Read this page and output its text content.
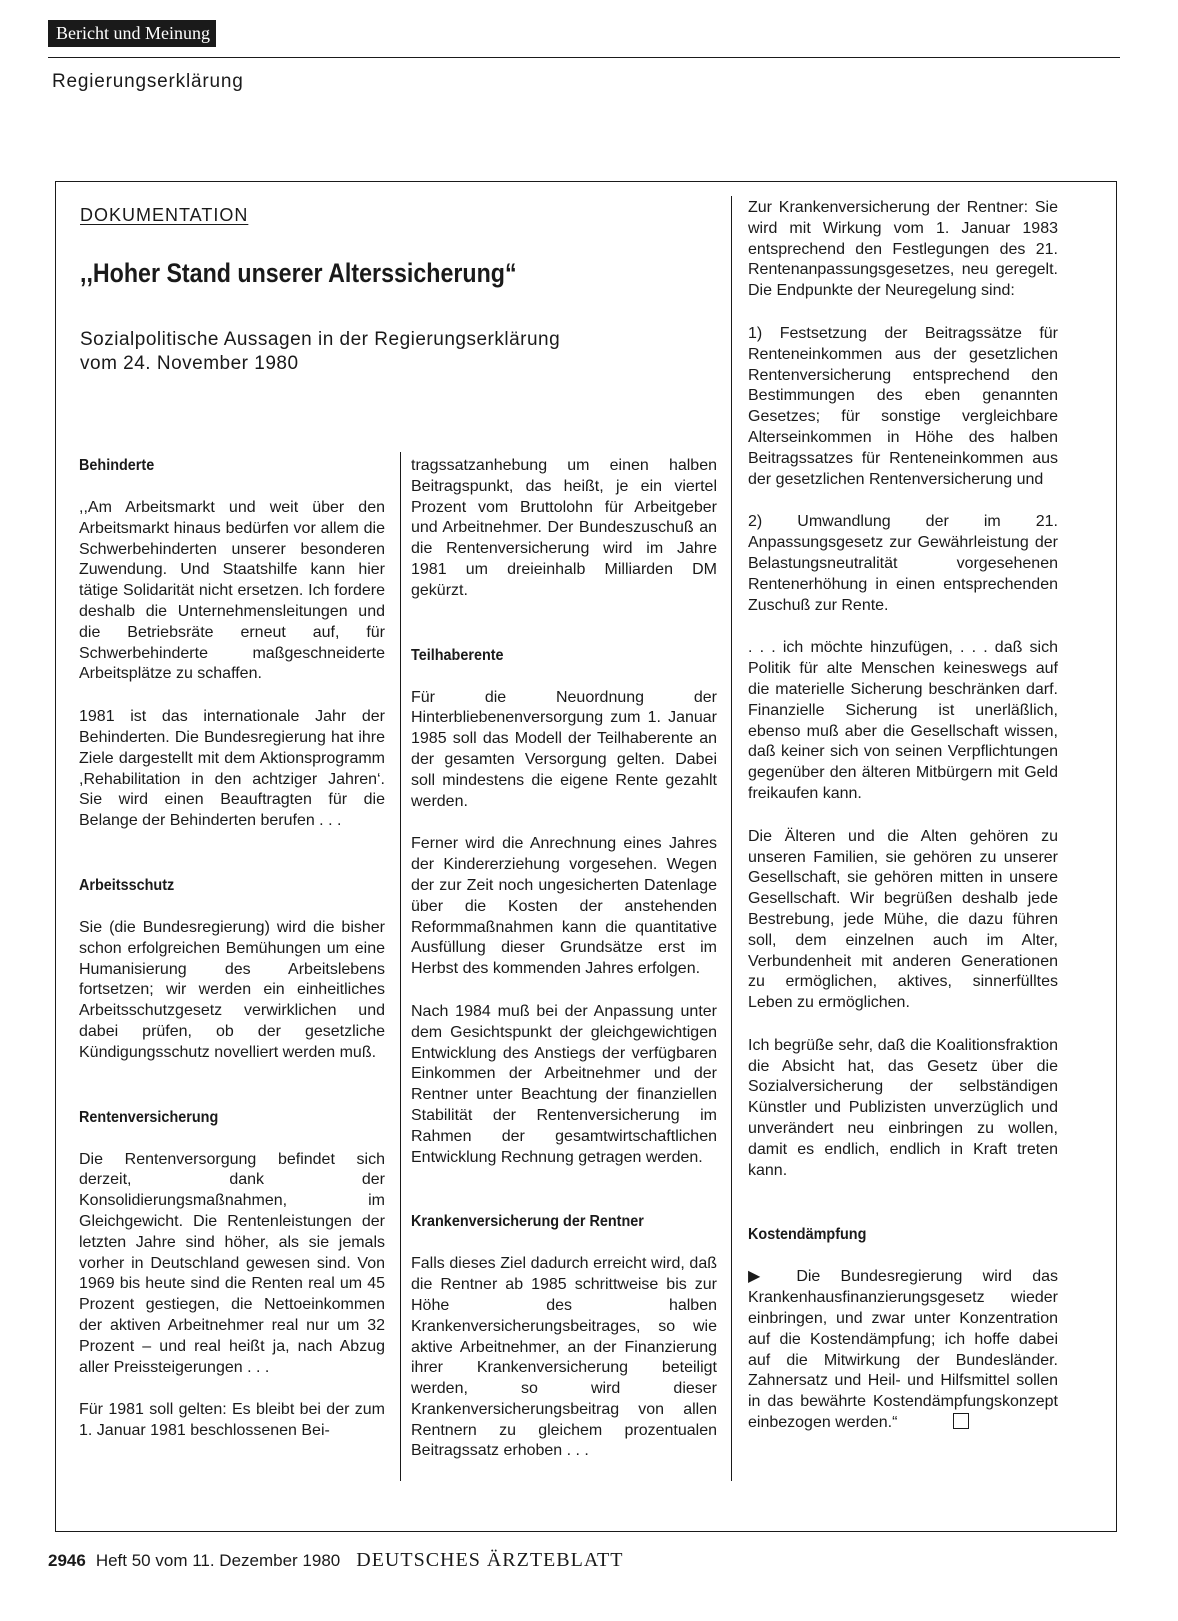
Bericht und Meinung
Regierungserklärung
DOKUMENTATION
,,Hoher Stand unserer Alterssicherung“
Sozialpolitische Aussagen in der Regierungserklärung
vom 24. November 1980
Behinderte

,,Am Arbeitsmarkt und weit über den Arbeitsmarkt hinaus bedürfen vor allem die Schwerbehinderten unserer besonderen Zuwendung. Und Staatshilfe kann hier tätige Solidarität nicht ersetzen. Ich fordere deshalb die Unternehmensleitungen und die Betriebsräte erneut auf, für Schwerbehinderte maßgeschneiderte Arbeitsplätze zu schaffen.

1981 ist das internationale Jahr der Behinderten. Die Bundesregierung hat ihre Ziele dargestellt mit dem Aktionsprogramm ,Rehabilitation in den achtziger Jahren‘. Sie wird einen Beauftragten für die Belange der Behinderten berufen . . .

Arbeitsschutz

Sie (die Bundesregierung) wird die bisher schon erfolgreichen Bemühungen um eine Humanisierung des Arbeitslebens fortsetzen; wir werden ein einheitliches Arbeitsschutzgesetz verwirklichen und dabei prüfen, ob der gesetzliche Kündigungsschutz novelliert werden muß.

Rentenversicherung

Die Rentenversorgung befindet sich derzeit, dank der Konsolidierungsmaßnahmen, im Gleichgewicht. Die Rentenleistungen der letzten Jahre sind höher, als sie jemals vorher in Deutschland gewesen sind. Von 1969 bis heute sind die Renten real um 45 Prozent gestiegen, die Nettoeinkommen der aktiven Arbeitnehmer real nur um 32 Prozent – und real heißt ja, nach Abzug aller Preissteigerungen . . .

Für 1981 soll gelten: Es bleibt bei der zum 1. Januar 1981 beschlossenen Bei-

tragssatzanhebung um einen halben Beitragspunkt, das heißt, je ein viertel Prozent vom Bruttolohn für Arbeitgeber und Arbeitnehmer. Der Bundeszuschuß an die Rentenversicherung wird im Jahre 1981 um dreieinhalb Milliarden DM gekürzt.

Teilhaberente

Für die Neuordnung der Hinterbliebenenversorgung zum 1. Januar 1985 soll das Modell der Teilhaberente an der gesamten Versorgung gelten. Dabei soll mindestens die eigene Rente gezahlt werden.

Ferner wird die Anrechnung eines Jahres der Kindererziehung vorgesehen. Wegen der zur Zeit noch ungesicherten Datenlage über die Kosten der anstehenden Reformmaßnahmen kann die quantitative Ausfüllung dieser Grundsätze erst im Herbst des kommenden Jahres erfolgen.

Nach 1984 muß bei der Anpassung unter dem Gesichtspunkt der gleichgewichtigen Entwicklung des Anstiegs der verfügbaren Einkommen der Arbeitnehmer und der Rentner unter Beachtung der finanziellen Stabilität der Rentenversicherung im Rahmen der gesamtwirtschaftlichen Entwicklung Rechnung getragen werden.

Krankenversicherung der Rentner

Falls dieses Ziel dadurch erreicht wird, daß die Rentner ab 1985 schrittweise bis zur Höhe des halben Krankenversicherungsbeitrages, so wie aktive Arbeitnehmer, an der Finanzierung ihrer Krankenversicherung beteiligt werden, so wird dieser Krankenversicherungsbeitrag von allen Rentnern zu gleichem prozentualen Beitragssatz erhoben . . .

Zur Krankenversicherung der Rentner: Sie wird mit Wirkung vom 1. Januar 1983 entsprechend den Festlegungen des 21. Rentenanpassungsgesetzes, neu geregelt. Die Endpunkte der Neuregelung sind:

1) Festsetzung der Beitragssätze für Renteneinkommen aus der gesetzlichen Rentenversicherung entsprechend den Bestimmungen des eben genannten Gesetzes; für sonstige vergleichbare Alterseinkommen in Höhe des halben Beitragssatzes für Renteneinkommen aus der gesetzlichen Rentenversicherung und

2) Umwandlung der im 21. Anpassungsgesetz zur Gewährleistung der Belastungsneutralität vorgesehenen Rentenerhöhung in einen entsprechenden Zuschuß zur Rente.

. . . ich möchte hinzufügen, . . . daß sich Politik für alte Menschen keineswegs auf die materielle Sicherung beschränken darf. Finanzielle Sicherung ist unerläßlich, ebenso muß aber die Gesellschaft wissen, daß keiner sich von seinen Verpflichtungen gegenüber den älteren Mitbürgern mit Geld freikaufen kann.

Die Älteren und die Alten gehören zu unseren Familien, sie gehören zu unserer Gesellschaft, sie gehören mitten in unsere Gesellschaft. Wir begrüßen deshalb jede Bestrebung, jede Mühe, die dazu führen soll, dem einzelnen auch im Alter, Verbundenheit mit anderen Generationen zu ermöglichen, aktives, sinnerfülltes Leben zu ermöglichen.

Ich begrüße sehr, daß die Koalitionsfraktion die Absicht hat, das Gesetz über die Sozialversicherung der selbständigen Künstler und Publizisten unverzüglich und unverändert neu einbringen zu wollen, damit es endlich, endlich in Kraft treten kann.

Kostendämpfung

▶ Die Bundesregierung wird das Krankenhausfinanzierungsgesetz wieder einbringen, und zwar unter Konzentration auf die Kostendämpfung; ich hoffe dabei auf die Mitwirkung der Bundesländer. Zahnersatz und Heil- und Hilfsmittel sollen in das bewährte Kostendämpfungskonzept einbezogen werden.“

2946 Heft 50 vom 11. Dezember 1980 DEUTSCHES ÄRZTEBLATT
